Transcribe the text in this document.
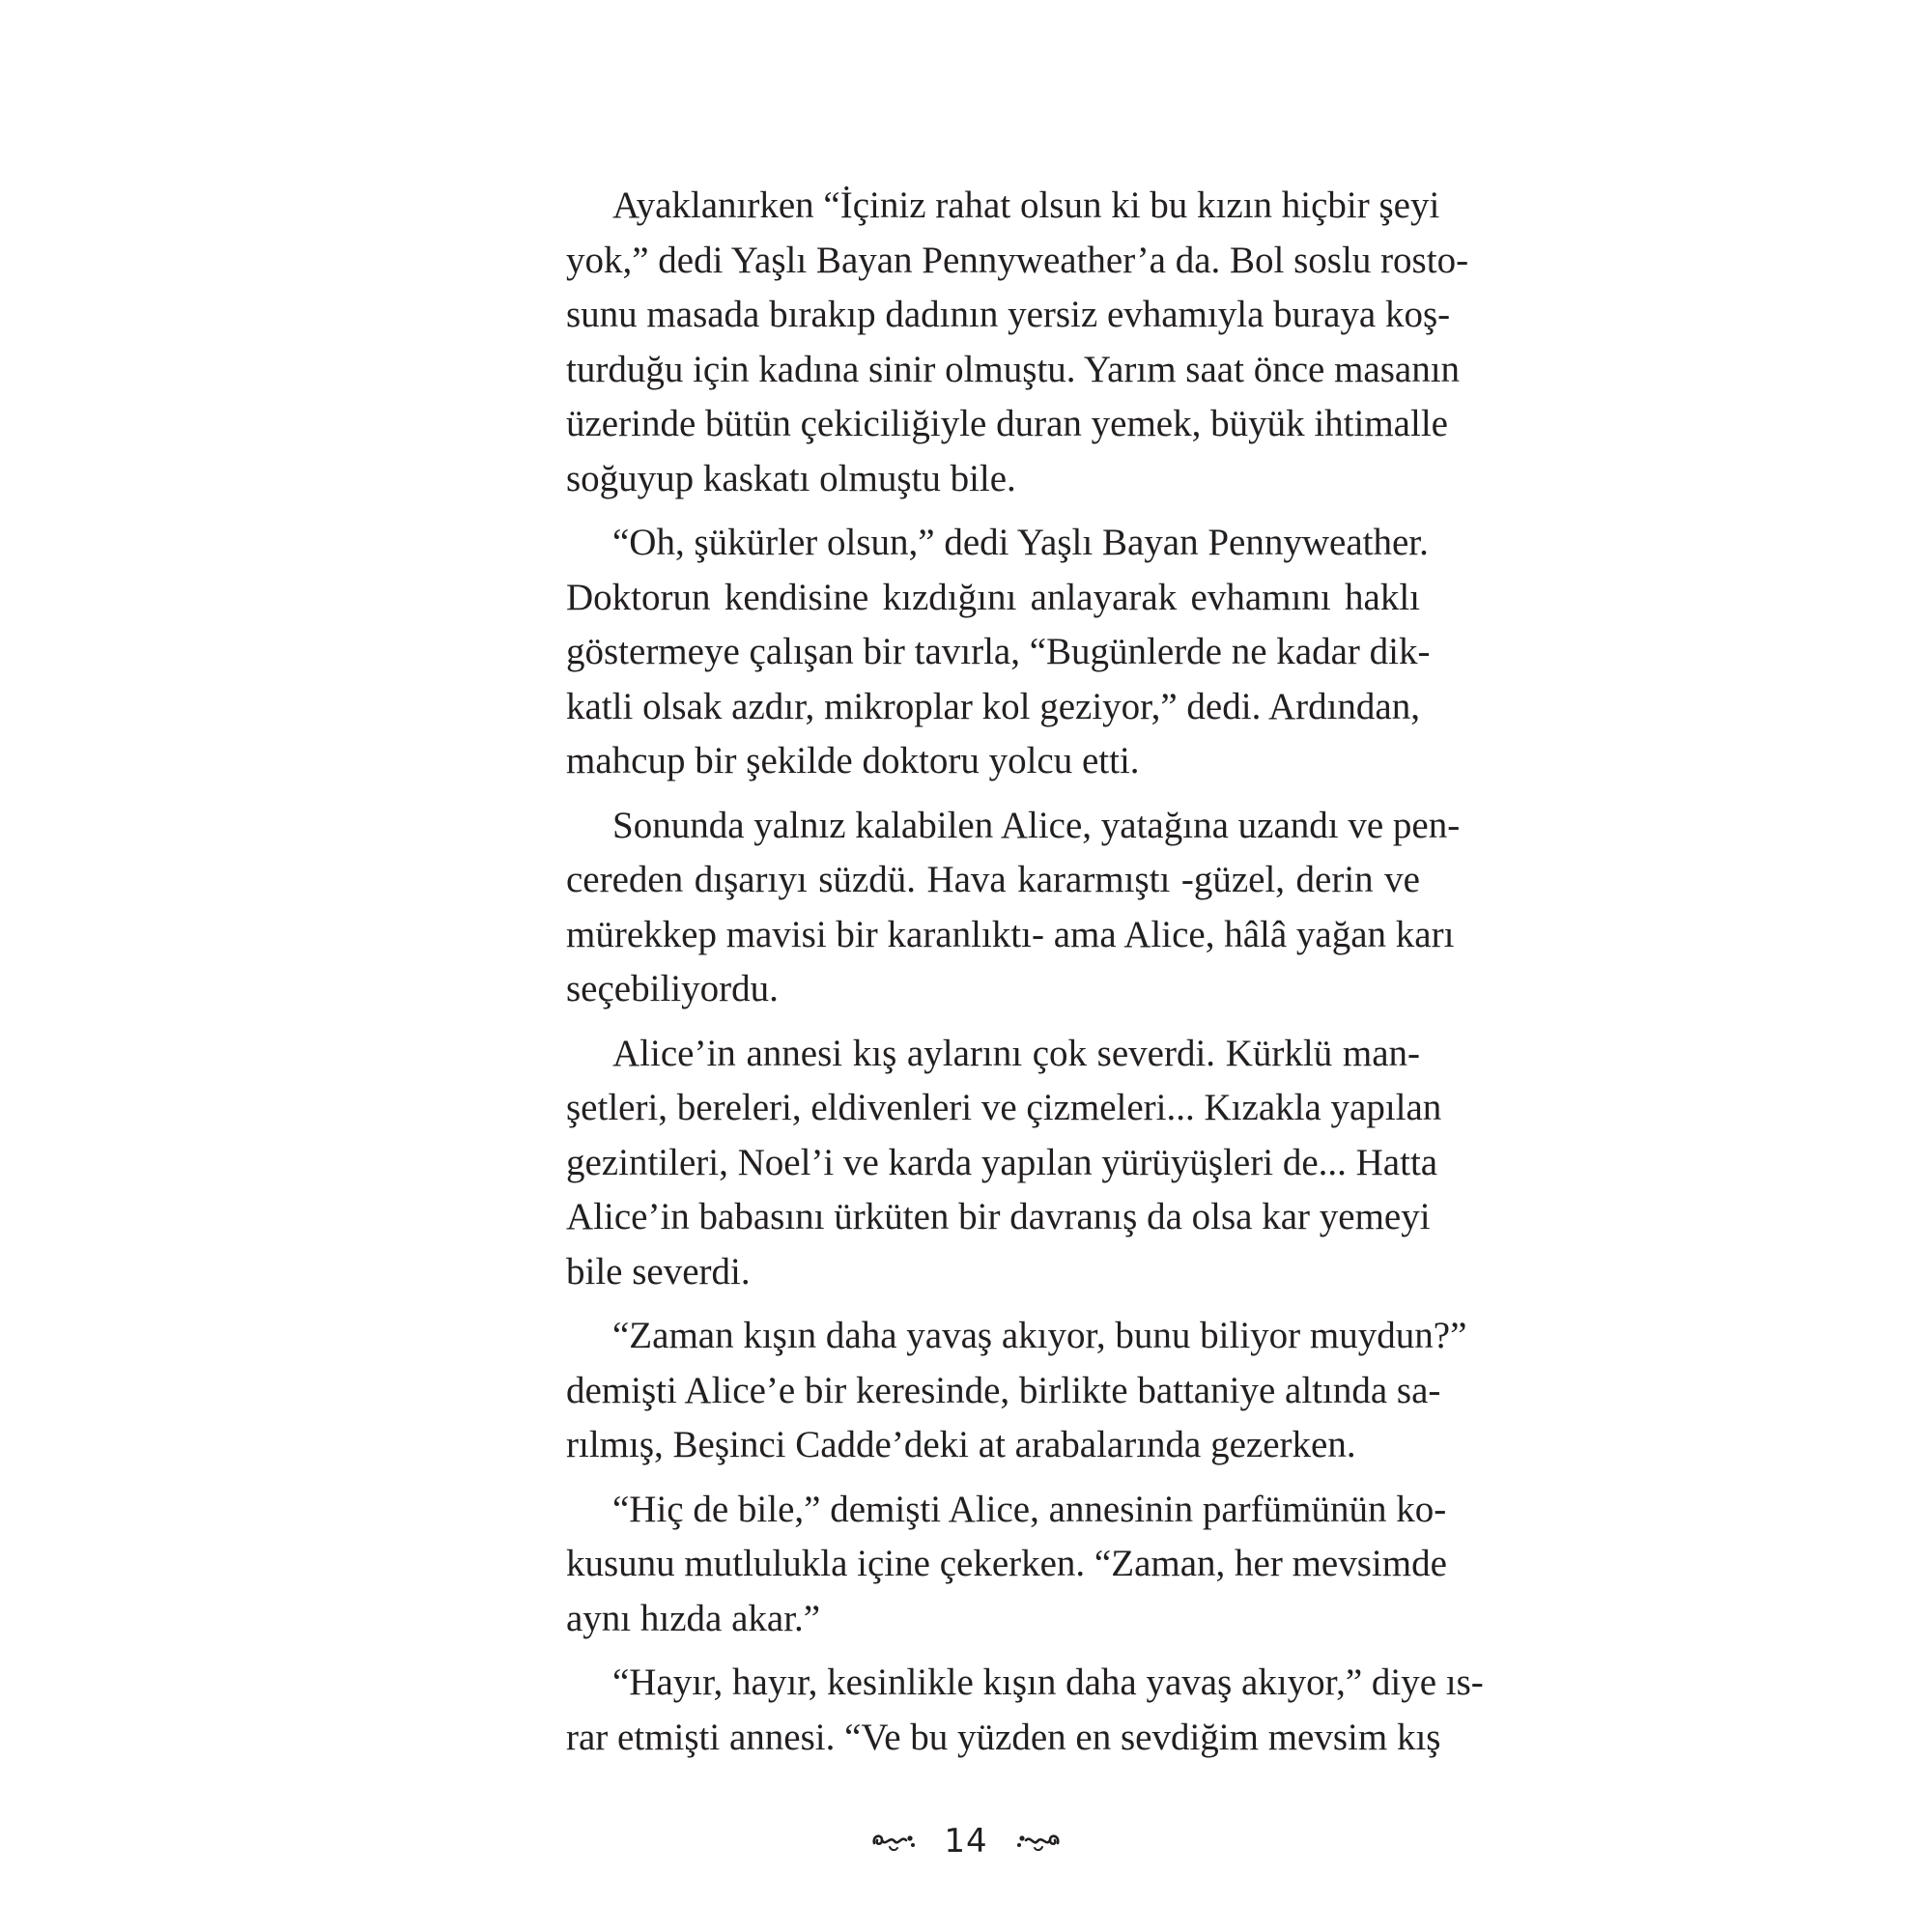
Ayaklanırken “İçiniz rahat olsun ki bu kızın hiçbir şeyi
yok,” dedi Yaşlı Bayan Pennyweather’a da. Bol soslu rosto-
sunu masada bırakıp dadının yersiz evhamıyla buraya koş-
turduğu için kadına sinir olmuştu. Yarım saat önce masanın
üzerinde bütün çekiciliğiyle duran yemek, büyük ihtimalle
soğuyup kaskatı olmuştu bile.
“Oh, şükürler olsun,” dedi Yaşlı Bayan Pennyweather.
Doktorun kendisine kızdığını anlayarak evhamını haklı
göstermeye çalışan bir tavırla, “Bugünlerde ne kadar dik-
katli olsak azdır, mikroplar kol geziyor,” dedi. Ardından,
mahcup bir şekilde doktoru yolcu etti.
Sonunda yalnız kalabilen Alice, yatağına uzandı ve pen-
cereden dışarıyı süzdü. Hava kararmıştı -güzel, derin ve
mürekkep mavisi bir karanlıktı- ama Alice, hâlâ yağan karı
seçebiliyordu.
Alice’in annesi kış aylarını çok severdi. Kürklü man-
şetleri, bereleri, eldivenleri ve çizmeleri... Kızakla yapılan
gezintileri, Noel’i ve karda yapılan yürüyüşleri de... Hatta
Alice’in babasını ürküten bir davranış da olsa kar yemeyi
bile severdi.
“Zaman kışın daha yavaş akıyor, bunu biliyor muydun?”
demişti Alice’e bir keresinde, birlikte battaniye altında sa-
rılmış, Beşinci Cadde’deki at arabalarında gezerken.
“Hiç de bile,” demişti Alice, annesinin parfümünün ko-
kusunu mutlulukla içine çekerken. “Zaman, her mevsimde
aynı hızda akar.”
“Hayır, hayır, kesinlikle kışın daha yavaş akıyor,” diye ıs-
rar etmişti annesi. “Ve bu yüzden en sevdiğim mevsim kış
14
